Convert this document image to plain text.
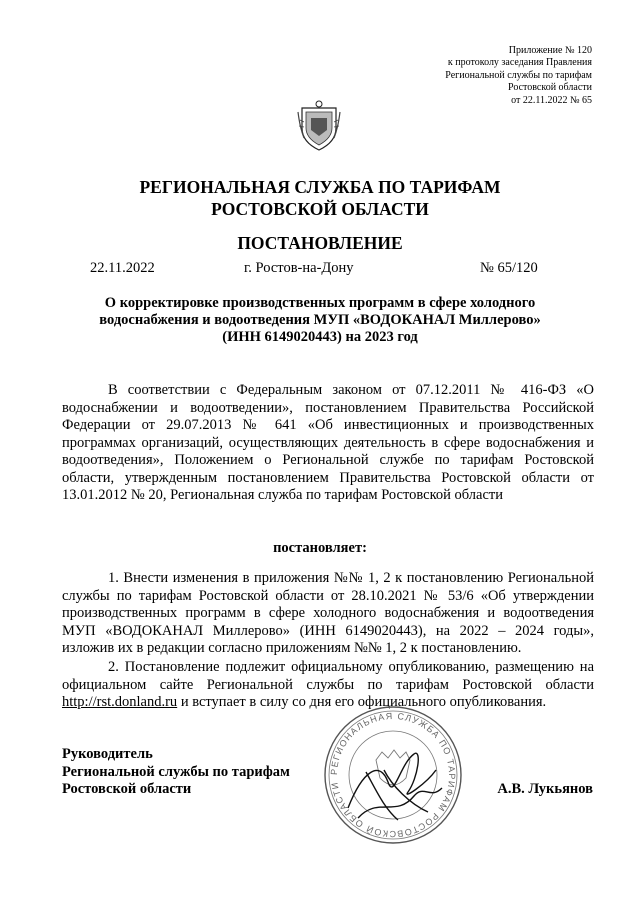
Приложение № 120
к протоколу заседания Правления
Региональной службы по тарифам
Ростовской области
от 22.11.2022 № 65
РЕГИОНАЛЬНАЯ СЛУЖБА ПО ТАРИФАМ
РОСТОВСКОЙ ОБЛАСТИ
ПОСТАНОВЛЕНИЕ
22.11.2022	г. Ростов-на-Дону	№ 65/120
О корректировке производственных программ в сфере холодного
водоснабжения и водоотведения МУП «ВОДОКАНАЛ Миллерово»
(ИНН 6149020443) на 2023 год
В соответствии с Федеральным законом от 07.12.2011 № 416-ФЗ «О водоснабжении и водоотведении», постановлением Правительства Российской Федерации от 29.07.2013 № 641 «Об инвестиционных и производственных программах организаций, осуществляющих деятельность в сфере водоснабжения и водоотведения», Положением о Региональной службе по тарифам Ростовской области, утвержденным постановлением Правительства Ростовской области от 13.01.2012 № 20, Региональная служба по тарифам Ростовской области
постановляет:
1. Внести изменения в приложения №№ 1, 2 к постановлению Региональной службы по тарифам Ростовской области от 28.10.2021 № 53/6 «Об утверждении производственных программ в сфере холодного водоснабжения и водоотведения МУП «ВОДОКАНАЛ Миллерово» (ИНН 6149020443), на 2022 – 2024 годы», изложив их в редакции согласно приложениям №№ 1, 2 к постановлению.
2. Постановление подлежит официальному опубликованию, размещению на официальном сайте Региональной службы по тарифам Ростовской области http://rst.donland.ru и вступает в силу со дня его официального опубликования.
РЕГИОНАЛЬНАЯ СЛУЖБА ПО ТАРИФАМ РОСТОВСКОЙ ОБЛАСТИ
Руководитель
Региональной службы по тарифам
Ростовской области	А.В. Лукьянов
